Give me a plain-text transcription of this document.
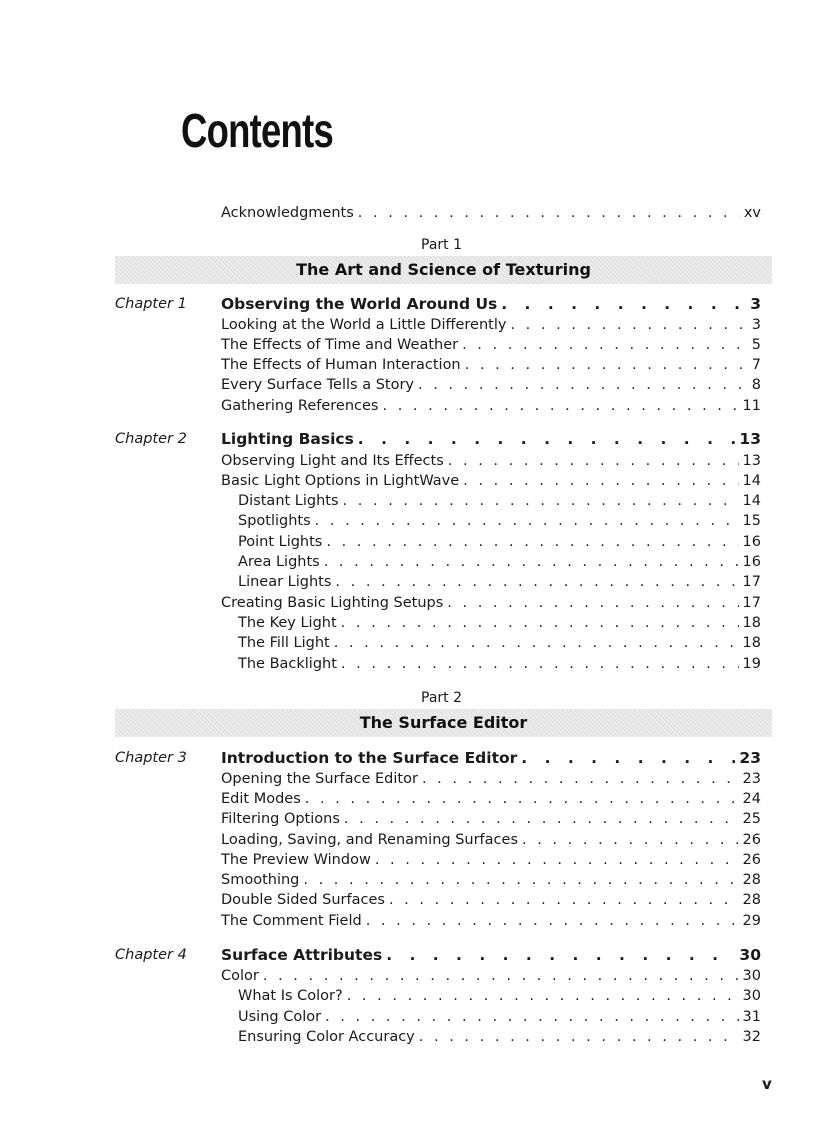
Contents
Acknowledgments . . .	xv
Part 1
The Art and Science of Texturing
Chapter 1 Observing the World Around Us . . .	3
Looking at the World a Little Differently . . .	3
The Effects of Time and Weather . . .	5
The Effects of Human Interaction . . .	7
Every Surface Tells a Story . . .	8
Gathering References . . .	11
Chapter 2 Lighting Basics . . .	13
Observing Light and Its Effects . . .	13
Basic Light Options in LightWave . . .	14
Distant Lights . . .	14
Spotlights . . .	15
Point Lights . . .	16
Area Lights . . .	16
Linear Lights . . .	17
Creating Basic Lighting Setups . . .	17
The Key Light . . .	18
The Fill Light . . .	18
The Backlight . . .	19
Part 2
The Surface Editor
Chapter 3 Introduction to the Surface Editor . . .	23
Opening the Surface Editor . . .	23
Edit Modes . . .	24
Filtering Options . . .	25
Loading, Saving, and Renaming Surfaces . . .	26
The Preview Window . . .	26
Smoothing . . .	28
Double Sided Surfaces . . .	28
The Comment Field . . .	29
Chapter 4 Surface Attributes . . .	30
Color . . .	30
What Is Color? . . .	30
Using Color . . .	31
Ensuring Color Accuracy . . .	32
v
